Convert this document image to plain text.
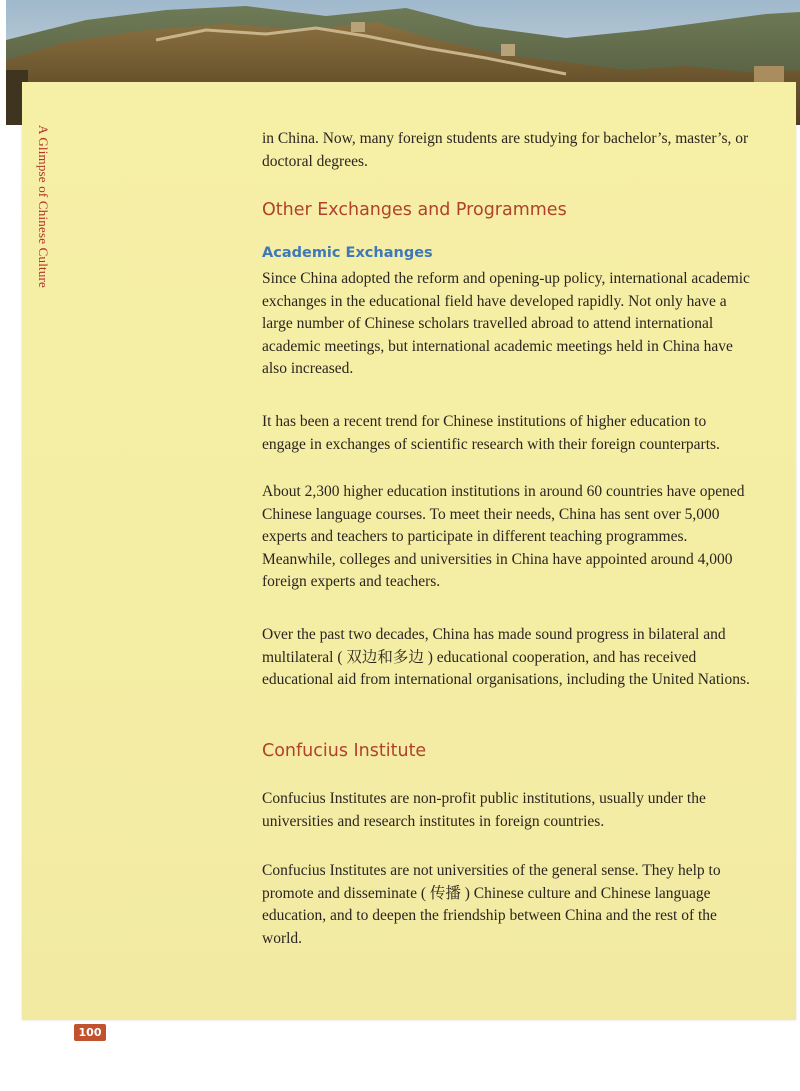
A Glimpse of Chinese Culture	in China. Now, many foreign students are studying for bachelor’s, master’s, or doctoral degrees.

Other Exchanges and Programmes
Academic Exchanges

Since China adopted the reform and opening-up policy, international academic exchanges in the educational field have developed rapidly. Not only have a large number of Chinese scholars travelled abroad to attend international academic meetings, but international academic meetings held in China have also increased.

It has been a recent trend for Chinese institutions of higher education to engage in exchanges of scientific research with their foreign counterparts.

About 2,300 higher education institutions in around 60 countries have opened Chinese language courses. To meet their needs, China has sent over 5,000 experts and teachers to participate in different teaching programmes. Meanwhile, colleges and universities in China have appointed around 4,000 foreign experts and teachers.

Over the past two decades, China has made sound progress in bilateral and multilateral ( 双边和多边 ) educational cooperation, and has received educational aid from international organisations, including the United Nations.

Confucius Institute

Confucius Institutes are non-profit public institutions, usually under the universities and research institutes in foreign countries.

Confucius Institutes are not universities of the general sense. They help to promote and disseminate ( 传播 ) Chinese culture and Chinese language education, and to deepen the friendship between China and the rest of the world.

100
